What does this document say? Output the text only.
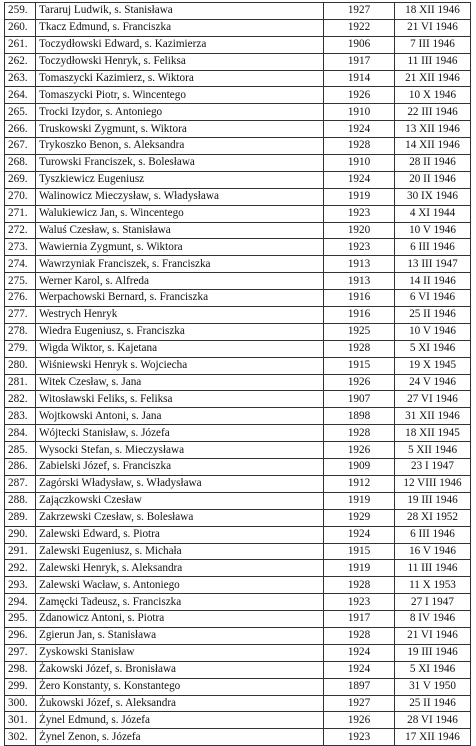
259.	Tararuj Ludwik, s. Stanisława	1927	18 XII 1946
260.	Tkacz Edmund, s. Franciszka	1922	21 VI 1946
261.	Toczydłowski Edward, s. Kazimierza	1906	7 III 1946
262.	Toczydłowski Henryk, s. Feliksa	1917	11 III 1946
263.	Tomaszycki Kazimierz, s. Wiktora	1914	21 XII 1946
264.	Tomaszycki Piotr, s. Wincentego	1926	10 X 1946
265.	Trocki Izydor, s. Antoniego	1910	22 III 1946
266.	Truskowski Zygmunt, s. Wiktora	1924	13 XII 1946
267.	Trykoszko Benon, s. Aleksandra	1928	14 XII 1946
268.	Turowski Franciszek, s. Bolesława	1910	28 II 1946
269.	Tyszkiewicz Eugeniusz	1924	20 II 1946
270.	Walinowicz Mieczysław, s. Władysława	1919	30 IX 1946
271.	Walukiewicz Jan, s. Wincentego	1923	4 XI 1944
272.	Waluś Czesław, s. Stanisława	1920	10 V 1946
273.	Wawiernia Zygmunt, s. Wiktora	1923	6 III 1946
274.	Wawrzyniak Franciszek, s. Franciszka	1913	13 III 1947
275.	Werner Karol, s. Alfreda	1913	14 II 1946
276.	Werpachowski Bernard, s. Franciszka	1916	6 VI 1946
277.	Westrych Henryk	1916	25 II 1946
278.	Wiedra Eugeniusz, s. Franciszka	1925	10 V 1946
279.	Wigda Wiktor, s. Kajetana	1928	5 XI 1946
280.	Wiśniewski Henryk s. Wojciecha	1915	19 X 1945
281.	Witek Czesław, s. Jana	1926	24 V 1946
282.	Witosławski Feliks, s. Feliksa	1907	27 VI 1946
283.	Wojtkowski Antoni, s. Jana	1898	31 XII 1946
284.	Wójtecki Stanisław, s. Józefa	1928	18 XII 1945
285.	Wysocki Stefan, s. Mieczysława	1926	5 XII 1946
286.	Zabielski Józef, s. Franciszka	1909	23 I 1947
287.	Zagórski Władysław, s. Władysława	1912	12 VIII 1946
288.	Zajączkowski Czesław	1919	19 III 1946
289.	Zakrzewski Czesław, s. Bolesława	1929	28 XI 1952
290.	Zalewski Edward, s. Piotra	1924	6 III 1946
291.	Zalewski Eugeniusz, s. Michała	1915	16 V 1946
292.	Zalewski Henryk, s. Aleksandra	1919	11 III 1946
293.	Zalewski Wacław, s. Antoniego	1928	11 X 1953
294.	Zamęcki Tadeusz, s. Franciszka	1923	27 I 1947
295.	Zdanowicz Antoni, s. Piotra	1917	8 IV 1946
296.	Zgierun Jan, s. Stanisława	1928	21 VI 1946
297.	Zyskowski Stanisław	1924	19 III 1946
298.	Żakowski Józef, s. Bronisława	1924	5 XI 1946
299.	Żero Konstanty, s. Konstantego	1897	31 V 1950
300.	Żukowski Józef, s. Aleksandra	1927	25 II 1946
301.	Żynel Edmund, s. Józefa	1926	28 VI 1946
302.	Żynel Zenon, s. Józefa	1923	17 XII 1946
